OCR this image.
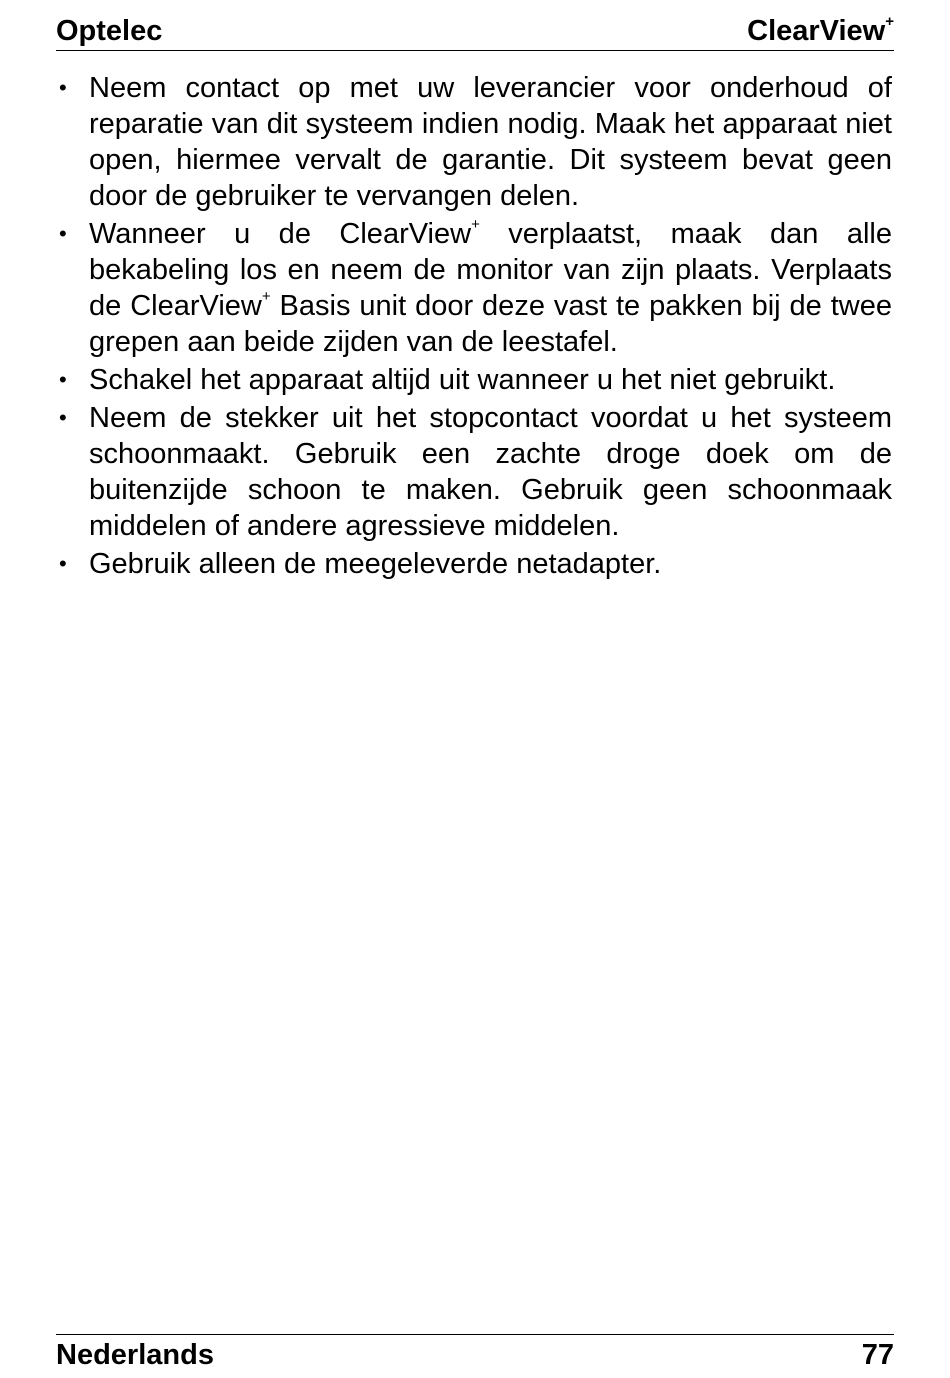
Optelec	ClearView+
• Neem contact op met uw leverancier voor onderhoud of reparatie van dit systeem indien nodig. Maak het apparaat niet open, hiermee vervalt de garantie. Dit systeem bevat geen door de gebruiker te vervangen delen.
• Wanneer u de ClearView+ verplaatst, maak dan alle bekabeling los en neem de monitor van zijn plaats. Verplaats de ClearView+ Basis unit door deze vast te pakken bij de twee grepen aan beide zijden van de leestafel.
• Schakel het apparaat altijd uit wanneer u het niet gebruikt.
• Neem de stekker uit het stopcontact voordat u het systeem schoonmaakt. Gebruik een zachte droge doek om de buitenzijde schoon te maken. Gebruik geen schoonmaak middelen of andere agressieve middelen.
• Gebruik alleen de meegeleverde netadapter.
Nederlands	77
